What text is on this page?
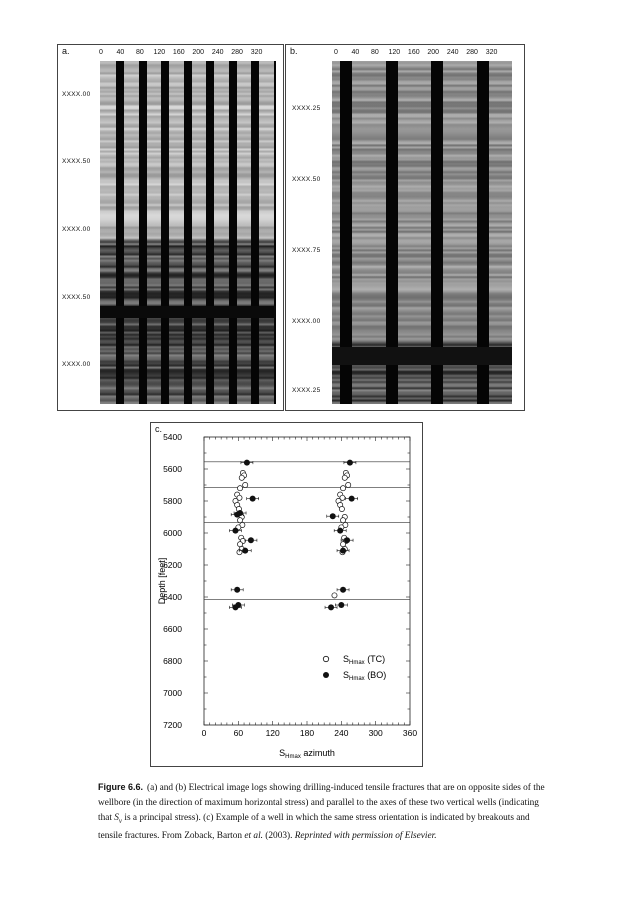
a.	0 40 80 120 160 200 240 280 320
XXXX.00
XXXX.50
XXXX.00
XXXX.50
XXXX.00
b.	0 40 80 120 160 200 240 280 320
XXXX.25
XXXX.50
XXXX.75
XXXX.00
XXXX.25
c.
0	60	120 180 240 300 360
5400
5600
5800
6000
6200
6400
6600
6800
7000
7200
Depth [feet]
$S_{Hmax}$ azimuth
$S_{Hmax}$ (TC)
$S_{Hmax}$ (BO)
Figure 6.6. (a) and (b) Electrical image logs showing drilling-induced tensile fractures that are on opposite sides of the wellbore (in the direction of maximum horizontal stress) and parallel to the axes of these two vertical wells (indicating that $S_v$ is a principal stress). (c) Example of a well in which the same stress orientation is indicated by breakouts and tensile fractures. From Zoback, Barton et al. (2003). Reprinted with permission of Elsevier.
